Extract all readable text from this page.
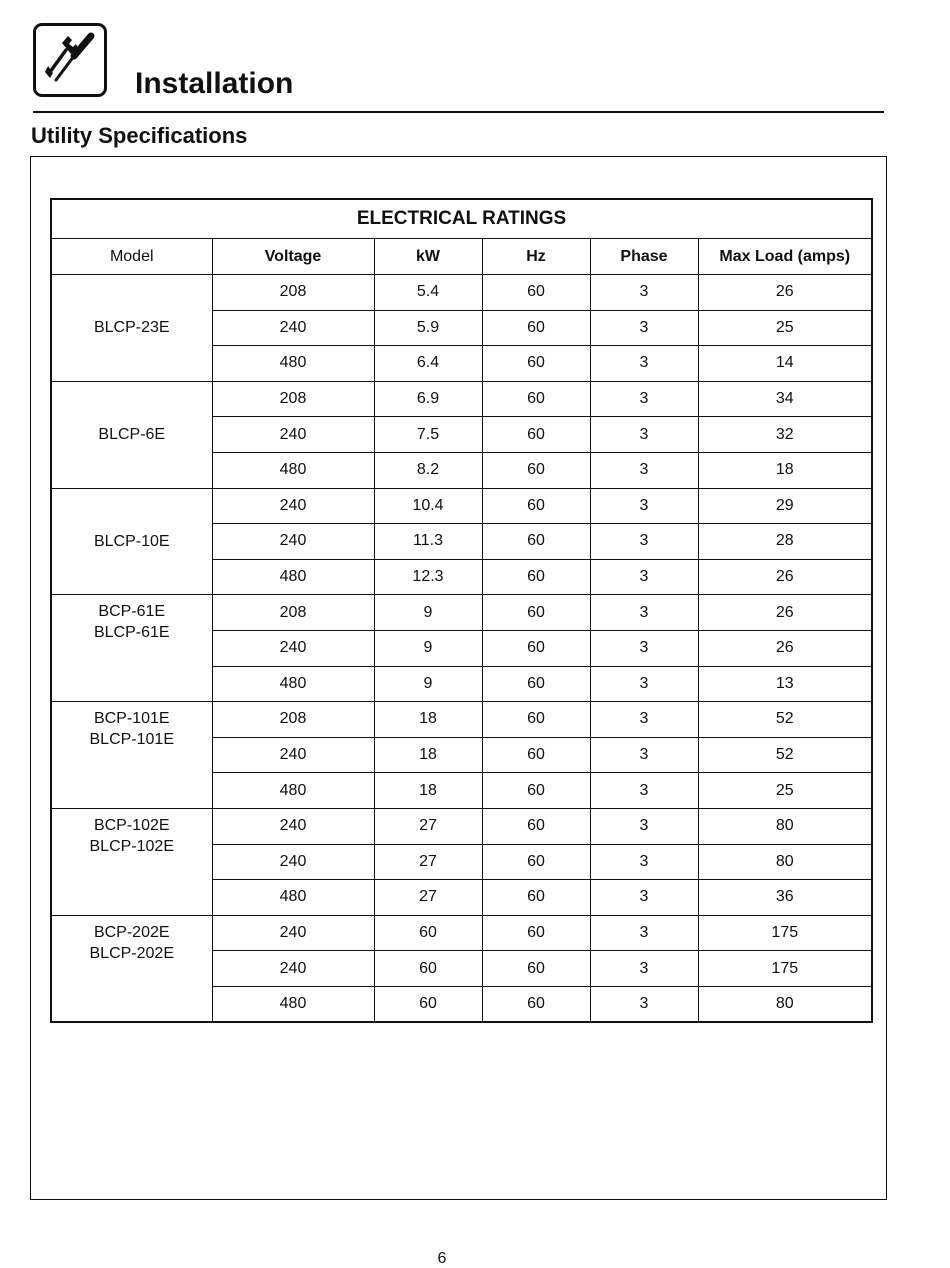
Installation
Utility Specifications
ELECTRICAL RATINGS					
Model	Voltage	kW	Hz	Phase	Max Load (amps)

BLCP-23E	208	5.4	60	3	26
	240	5.9	60	3	25
	480	6.4	60	3	14

BLCP-6E	208	6.9	60	3	34
	240	7.5	60	3	32
	480	8.2	60	3	18

BLCP-10E	240	10.4	60	3	29
	240	11.3	60	3	28
	480	12.3	60	3	26

BCP-61E
BLCP-61E	208	9	60	3	26
	240	9	60	3	26
	480	9	60	3	13

BCP-101E
BLCP-101E	208	18	60	3	52
	240	18	60	3	52
	480	18	60	3	25

BCP-102E
BLCP-102E	240	27	60	3	80
	240	27	60	3	80
	480	27	60	3	36

BCP-202E
BLCP-202E	240	60	60	3	175
	240	60	60	3	175
	480	60	60	3	80
6
